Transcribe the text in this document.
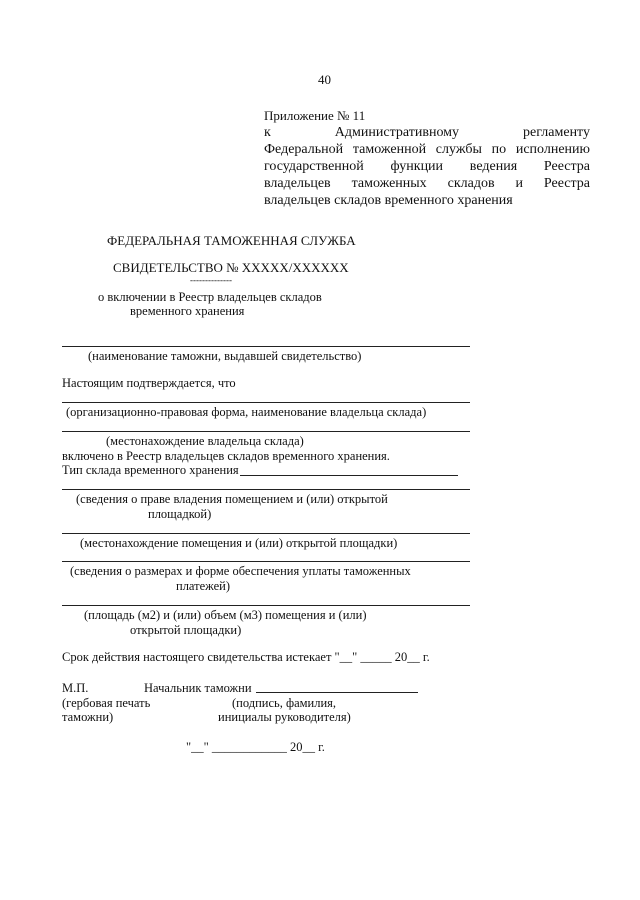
40
Приложение № 11
к Административному регламенту
Федеральной таможенной службы по исполнению
государственной функции ведения Реестра
владельцев таможенных складов и Реестра
владельцев складов временного хранения
ФЕДЕРАЛЬНАЯ ТАМОЖЕННАЯ СЛУЖБА
СВИДЕТЕЛЬСТВО № XXXXX/XXXXXX
--------------
о включении в Реестр владельцев складов
временного хранения
(наименование таможни, выдавшей свидетельство)
Настоящим подтверждается, что
(организационно-правовая форма, наименование владельца склада)
(местонахождение владельца склада)
включено в Реестр владельцев складов временного хранения.
Тип склада временного хранения
(сведения о праве владения помещением и (или) открытой
площадкой)
(местонахождение помещения и (или) открытой площадки)
(сведения о размерах и форме обеспечения уплаты таможенных
платежей)
(площадь (м2) и (или) объем (м3) помещения и (или)
открытой площадки)
Срок действия настоящего свидетельства истекает "__" _____ 20__ г.
М.П.	Начальник таможни
(гербовая печать	(подпись, фамилия,
таможни)	инициалы руководителя)
"__" ____________ 20__ г.
